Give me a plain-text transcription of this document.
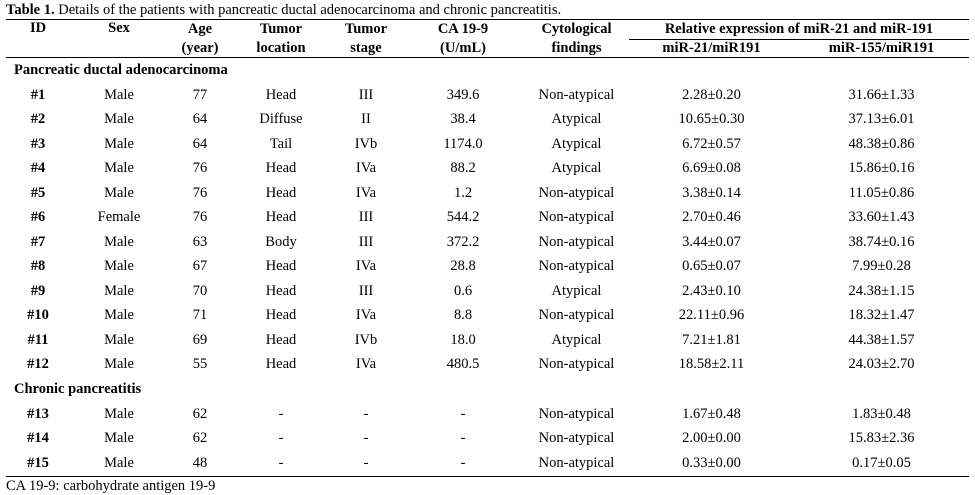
Table 1. Details of the patients with pancreatic ductal adenocarcinoma and chronic pancreatitis.
ID	Sex	Age	Tumor	Tumor	CA 19-9	Cytological	Relative expression of miR-21 and miR-191	
		(year)	location	stage	(U/mL)	findings	miR-21/miR191	miR-155/miR191
Pancreatic ductal adenocarcinoma								
#1	Male	77	Head	III	349.6	Non-atypical	2.28±0.20	31.66±1.33
#2	Male	64	Diffuse	II	38.4	Atypical	10.65±0.30	37.13±6.01
#3	Male	64	Tail	IVb	1174.0	Atypical	6.72±0.57	48.38±0.86
#4	Male	76	Head	IVa	88.2	Atypical	6.69±0.08	15.86±0.16
#5	Male	76	Head	IVa	1.2	Non-atypical	3.38±0.14	11.05±0.86
#6	Female	76	Head	III	544.2	Non-atypical	2.70±0.46	33.60±1.43
#7	Male	63	Body	III	372.2	Non-atypical	3.44±0.07	38.74±0.16
#8	Male	67	Head	IVa	28.8	Non-atypical	0.65±0.07	7.99±0.28
#9	Male	70	Head	III	0.6	Atypical	2.43±0.10	24.38±1.15
#10	Male	71	Head	IVa	8.8	Non-atypical	22.11±0.96	18.32±1.47
#11	Male	69	Head	IVb	18.0	Atypical	7.21±1.81	44.38±1.57
#12	Male	55	Head	IVa	480.5	Non-atypical	18.58±2.11	24.03±2.70
Chronic pancreatitis								
#13	Male	62	-	-	-	Non-atypical	1.67±0.48	1.83±0.48
#14	Male	62	-	-	-	Non-atypical	2.00±0.00	15.83±2.36
#15	Male	48	-	-	-	Non-atypical	0.33±0.00	0.17±0.05
CA 19-9: carbohydrate antigen 19-9
